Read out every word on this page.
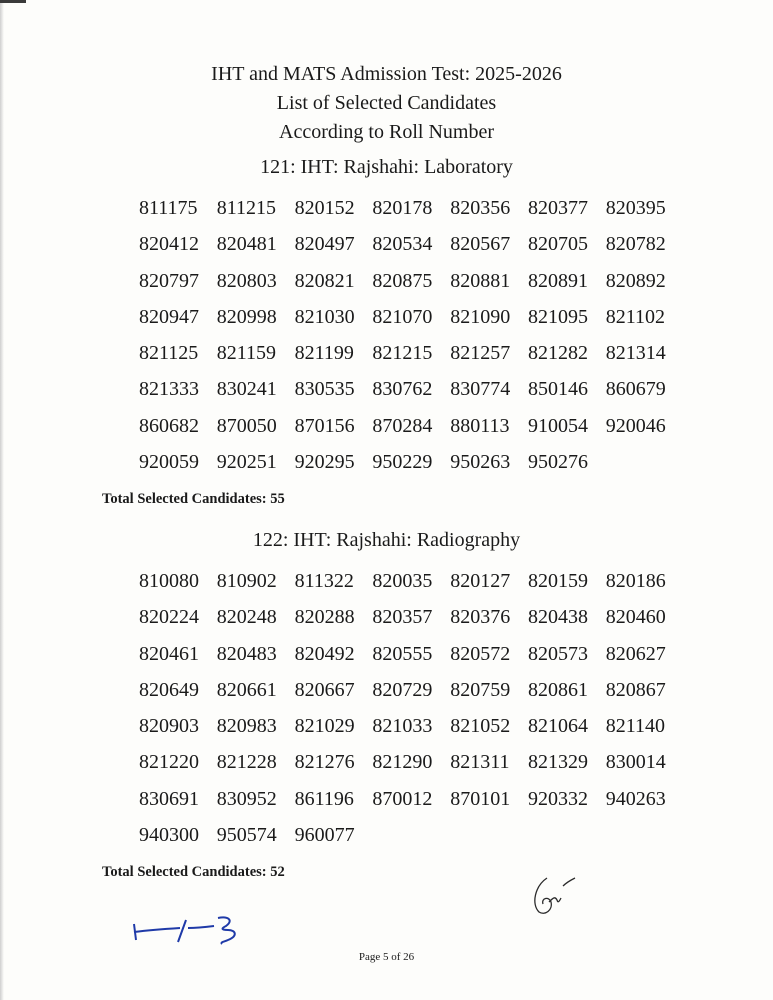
IHT and MATS Admission Test: 2025-2026
List of Selected Candidates
According to Roll Number
121: IHT: Rajshahi: Laboratory
811175 811215 820152 820178 820356 820377 820395
820412 820481 820497 820534 820567 820705 820782
820797 820803 820821 820875 820881 820891 820892
820947 820998 821030 821070 821090 821095 821102
821125 821159 821199 821215 821257 821282 821314
821333 830241 830535 830762 830774 850146 860679
860682 870050 870156 870284 880113 910054 920046
920059 920251 920295 950229 950263 950276
Total Selected Candidates: 55
122: IHT: Rajshahi: Radiography
810080 810902 811322 820035 820127 820159 820186
820224 820248 820288 820357 820376 820438 820460
820461 820483 820492 820555 820572 820573 820627
820649 820661 820667 820729 820759 820861 820867
820903 820983 821029 821033 821052 821064 821140
821220 821228 821276 821290 821311 821329 830014
830691 830952 861196 870012 870101 920332 940263
940300 950574 960077
Total Selected Candidates: 52
Page 5 of 26
